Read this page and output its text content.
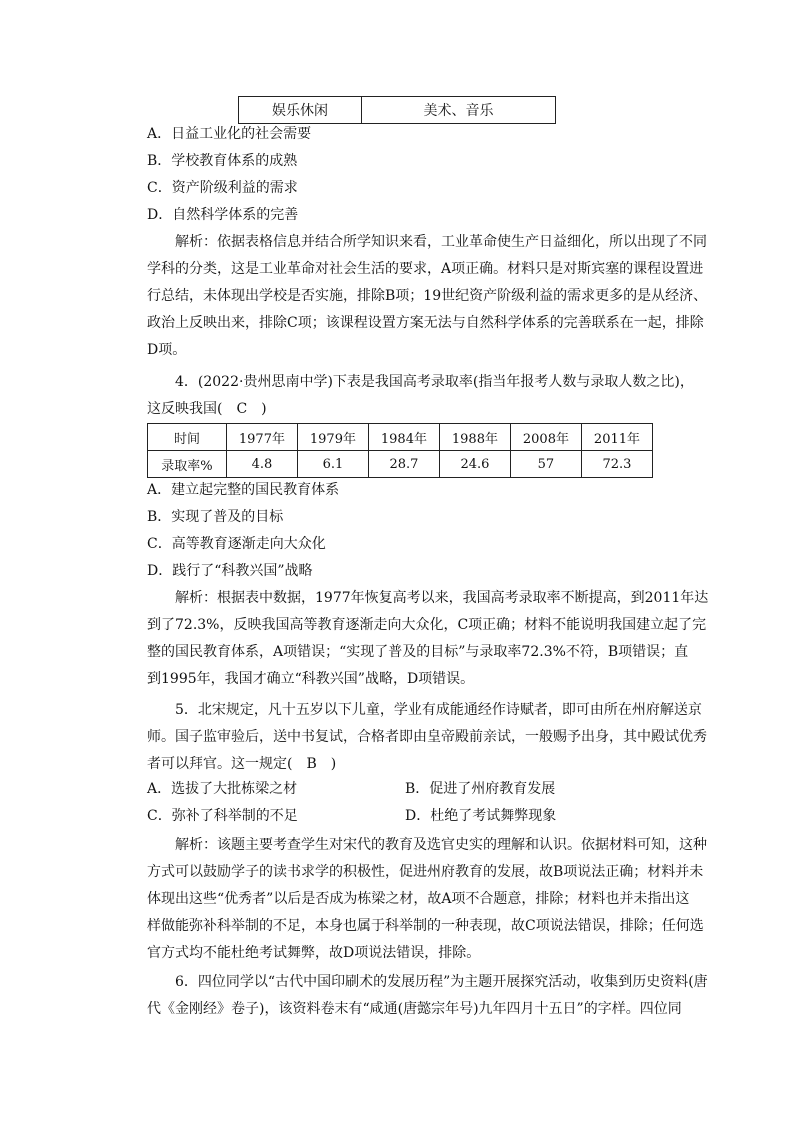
娱乐休闲	美术、音乐
A．日益工业化的社会需要
B．学校教育体系的成熟
C．资产阶级利益的需求
D．自然科学体系的完善
解析：依据表格信息并结合所学知识来看，工业革命使生产日益细化，所以出现了不同
学科的分类，这是工业革命对社会生活的要求，A项正确。材料只是对斯宾塞的课程设置进
行总结，未体现出学校是否实施，排除B项；19世纪资产阶级利益的需求更多的是从经济、
政治上反映出来，排除C项；该课程设置方案无法与自然科学体系的完善联系在一起，排除
D项。
4．(2022·贵州思南中学)下表是我国高考录取率(指当年报考人数与录取人数之比)，
这反映我国(　C　)
时间	1977年	1979年	1984年	1988年	2008年	2011年
录取率%	4.8	6.1	28.7	24.6	57	72.3
A．建立起完整的国民教育体系
B．实现了普及的目标
C．高等教育逐渐走向大众化
D．践行了“科教兴国”战略
解析：根据表中数据，1977年恢复高考以来，我国高考录取率不断提高，到2011年达
到了72.3%，反映我国高等教育逐渐走向大众化，C项正确；材料不能说明我国建立起了完
整的国民教育体系，A项错误；“实现了普及的目标”与录取率72.3%不符，B项错误；直
到1995年，我国才确立“科教兴国”战略，D项错误。
5．北宋规定，凡十五岁以下儿童，学业有成能通经作诗赋者，即可由所在州府解送京
师。国子监审验后，送中书复试，合格者即由皇帝殿前亲试，一般赐予出身，其中殿试优秀
者可以拜官。这一规定(　B　)
A．选拔了大批栋梁之材	B．促进了州府教育发展
C．弥补了科举制的不足	D．杜绝了考试舞弊现象
解析：该题主要考查学生对宋代的教育及选官史实的理解和认识。依据材料可知，这种
方式可以鼓励学子的读书求学的积极性，促进州府教育的发展，故B项说法正确；材料并未
体现出这些“优秀者”以后是否成为栋梁之材，故A项不合题意，排除；材料也并未指出这
样做能弥补科举制的不足，本身也属于科举制的一种表现，故C项说法错误，排除；任何选
官方式均不能杜绝考试舞弊，故D项说法错误，排除。
6．四位同学以“古代中国印刷术的发展历程”为主题开展探究活动，收集到历史资料(唐
代《金刚经》卷子)，该资料卷末有“咸通(唐懿宗年号)九年四月十五日”的字样。四位同
